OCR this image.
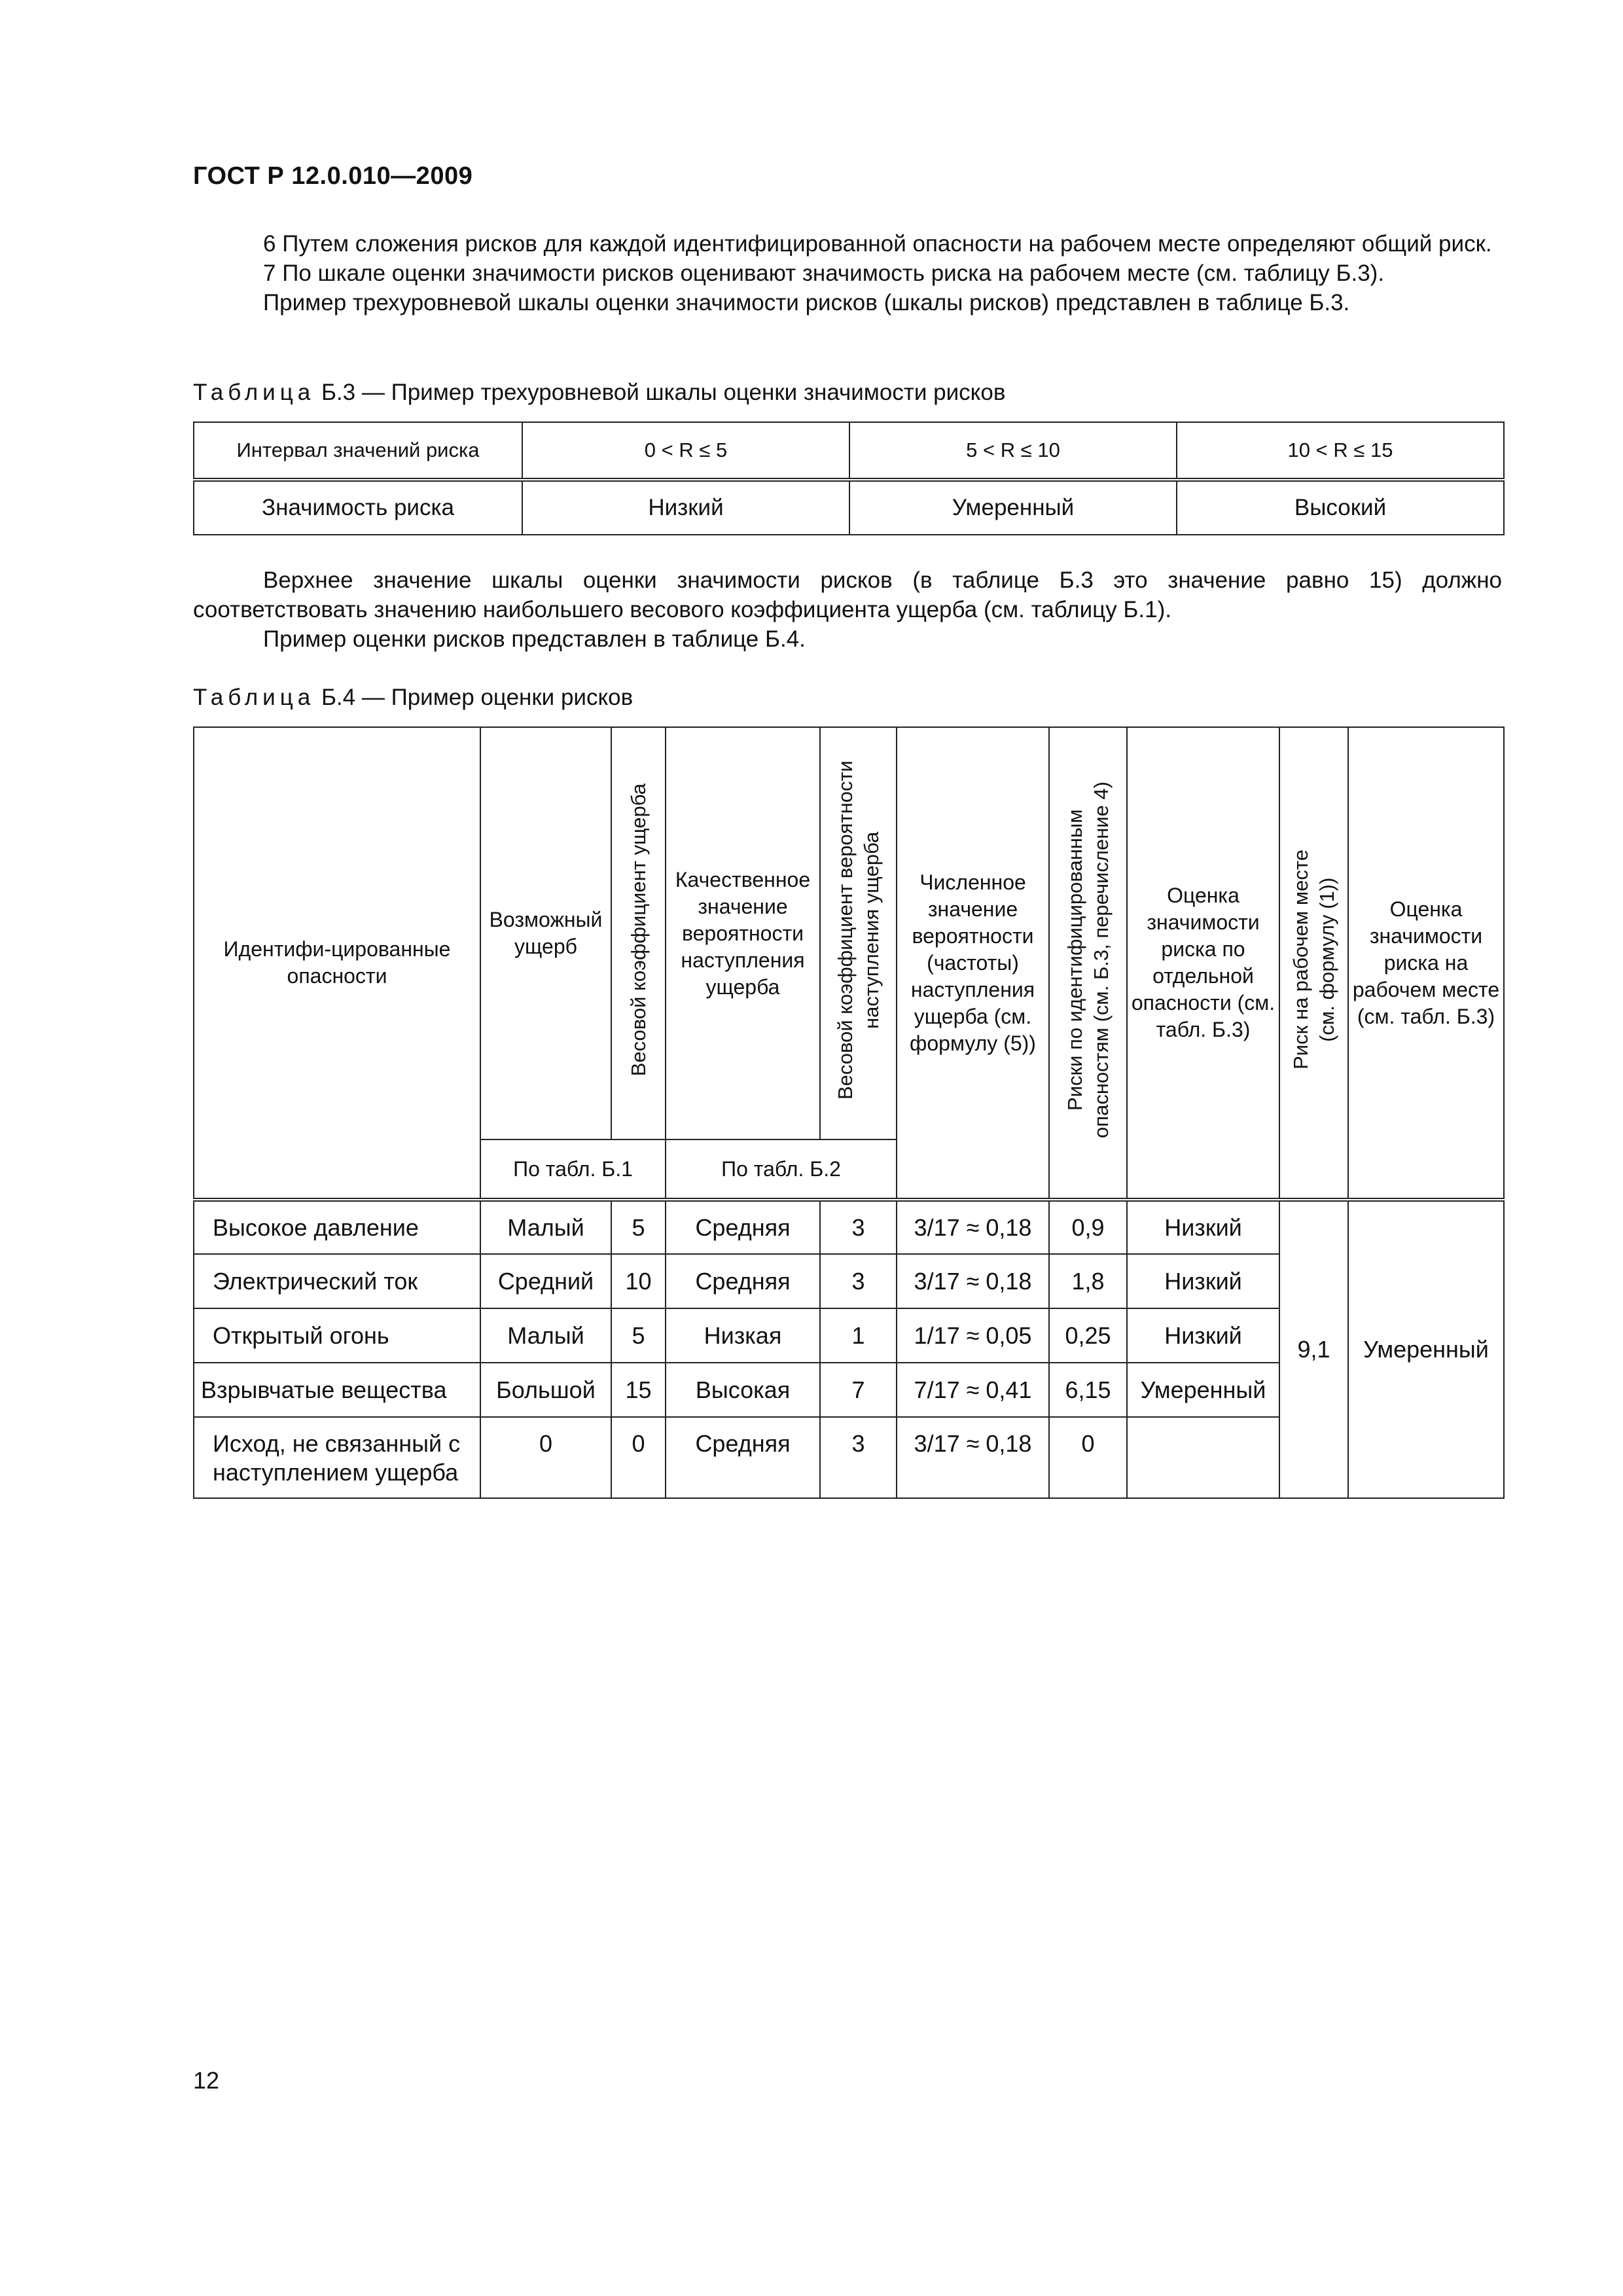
ГОСТ Р 12.0.010—2009

6 Путем сложения рисков для каждой идентифицированной опасности на рабочем месте определяют общий риск.

7 По шкале оценки значимости рисков оценивают значимость риска на рабочем месте (см. таблицу Б.3).

Пример трехуровневой шкалы оценки значимости рисков (шкалы рисков) представлен в таблице Б.3.

Таблица Б.3 — Пример трехуровневой шкалы оценки значимости рисков
Интервал значений риска	0 < R ≤ 5	5 < R ≤ 10	10 < R ≤ 15
Значимость риска	Низкий	Умеренный	Высокий

Верхнее значение шкалы оценки значимости рисков (в таблице Б.3 это значение равно 15) должно соответствовать значению наибольшего весового коэффициента ущерба (см. таблицу Б.1).

Пример оценки рисков представлен в таблице Б.4.

Таблица Б.4 — Пример оценки рисков
Идентифи-цированные опасности	Возможный ущерб	Весовой коэффициент ущерба	Качественное значение вероятности наступления ущерба	Весовой коэффициент вероятности наступления ущерба	Численное значение вероятности (частоты) наступления ущерба (см. формулу (5))	Риски по идентифицированным опасностям (см. Б.3, перечисление 4)	Оценка значимости риска по отдельной опасности (см. табл. Б.3)	Риск на рабочем месте (см. формулу (1))	Оценка значимости риска на рабочем месте (см. табл. Б.3)
	По табл. Б.1		По табл. Б.2						
Высокое давление	Малый	5	Средняя	3	3/17 ≈ 0,18	0,9	Низкий	9,1	Умеренный
Электрический ток	Средний	10	Средняя	3	3/17 ≈ 0,18	1,8	Низкий		
Открытый огонь	Малый	5	Низкая	1	1/17 ≈ 0,05	0,25	Низкий		
Взрывчатые вещества	Большой	15	Высокая	7	7/17 ≈ 0,41	6,15	Умеренный		
Исход, не связанный с наступлением ущерба	0	0	Средняя	3	3/17 ≈ 0,18	0			
12
